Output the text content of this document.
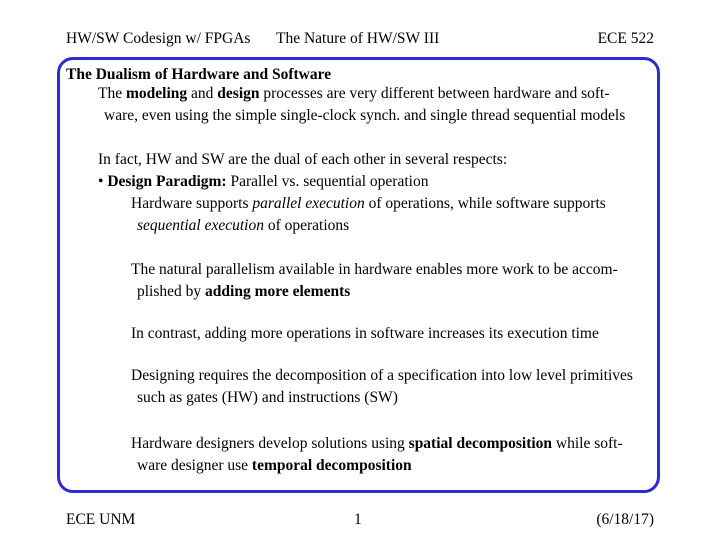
HW/SW Codesign w/ FPGAs The Nature of HW/SW III	ECE 522
The Dualism of Hardware and Software
The modeling and design processes are very different between hardware and soft-
ware, even using the simple single-clock synch. and single thread sequential models
In fact, HW and SW are the dual of each other in several respects:
• Design Paradigm: Parallel vs. sequential operation
Hardware supports parallel execution of operations, while software supports
sequential execution of operations
The natural parallelism available in hardware enables more work to be accom-
plished by adding more elements
In contrast, adding more operations in software increases its execution time
Designing requires the decomposition of a specification into low level primitives
such as gates (HW) and instructions (SW)
Hardware designers develop solutions using spatial decomposition while soft-
ware designer use temporal decomposition
ECE UNM	1	(6/18/17)
